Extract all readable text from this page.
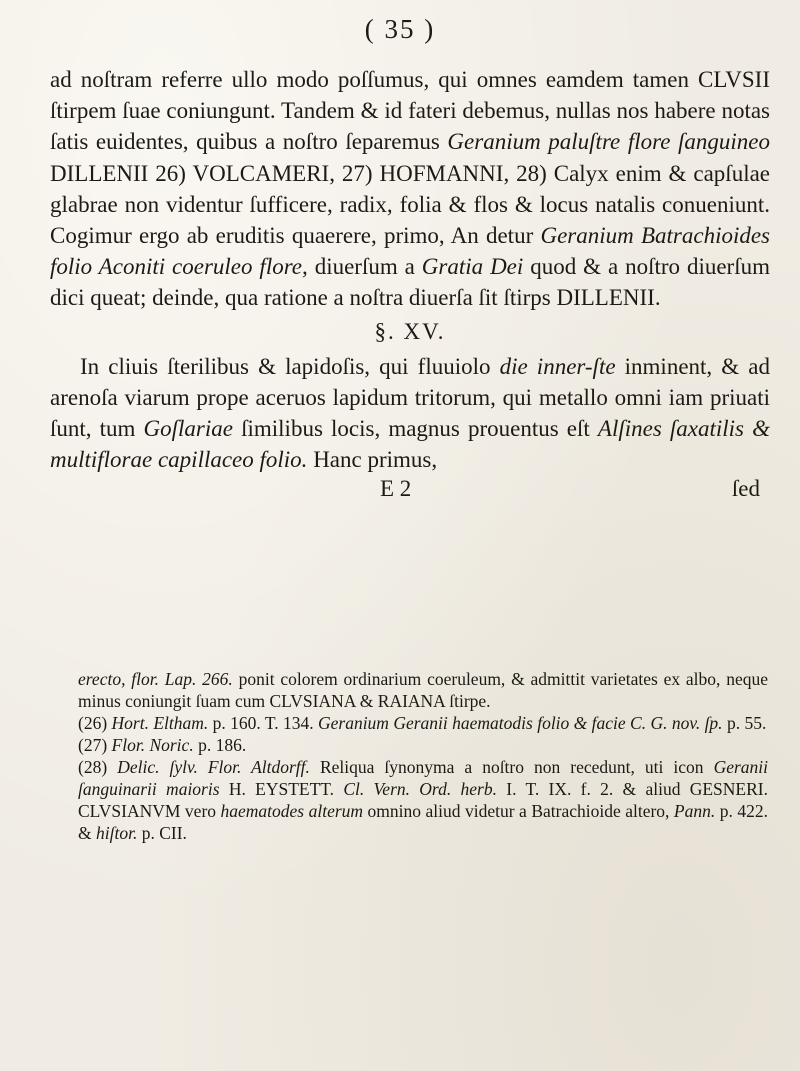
( 35 )

ad noſtram referre ullo modo poſſumus, qui omnes eamdem tamen CLVSII ſtirpem ſuae coniungunt. Tandem & id fateri debemus, nullas nos habere notas ſatis euidentes, quibus a noſtro ſeparemus Geranium paluſtre flore ſanguineo DILLENII 26) VOLCAMERI, 27) HOFMANNI, 28) Calyx enim & capſulae glabrae non videntur ſufficere, radix, folia & flos & locus natalis conueniunt. Cogimur ergo ab eruditis quaerere, primo, An detur Geranium Batrachioides folio Aconiti coeruleo flore, diuerſum a Gratia Dei quod & a noſtro diuerſum dici queat; deinde, qua ratione a noſtra diuerſa ſit ſtirps DILLENII.

§. XV.

In cliuis ſterilibus & lapidoſis, qui fluuiolo die inner-ſte inminent, & ad arenoſa viarum prope aceruos lapidum tritorum, qui metallo omni iam priuati ſunt, tum Goſlariae ſimilibus locis, magnus prouentus eſt Alſines ſaxatilis & multiflorae capillaceo folio. Hanc primus,

E 2	ſed

erecto, flor. Lap. 266. ponit colorem ordinarium coeruleum, & admittit varietates ex albo, neque minus coniungit ſuam cum CLVSIANA & RAIANA ſtirpe.

(26) Hort. Eltham. p. 160. T. 134. Geranium Geranii haematodis folio & facie C. G. nov. ſp. p. 55.

(27) Flor. Noric. p. 186.

(28) Delic. ſylv. Flor. Altdorff. Reliqua ſynonyma a noſtro non recedunt, uti icon Geranii ſanguinarii maioris H. EYSTETT. Cl. Vern. Ord. herb. I. T. IX. f. 2. & aliud GESNERI. CLVSIANVM vero haematodes alterum omnino aliud videtur a Batrachioide altero, Pann. p. 422. & hiſtor. p. CII.
